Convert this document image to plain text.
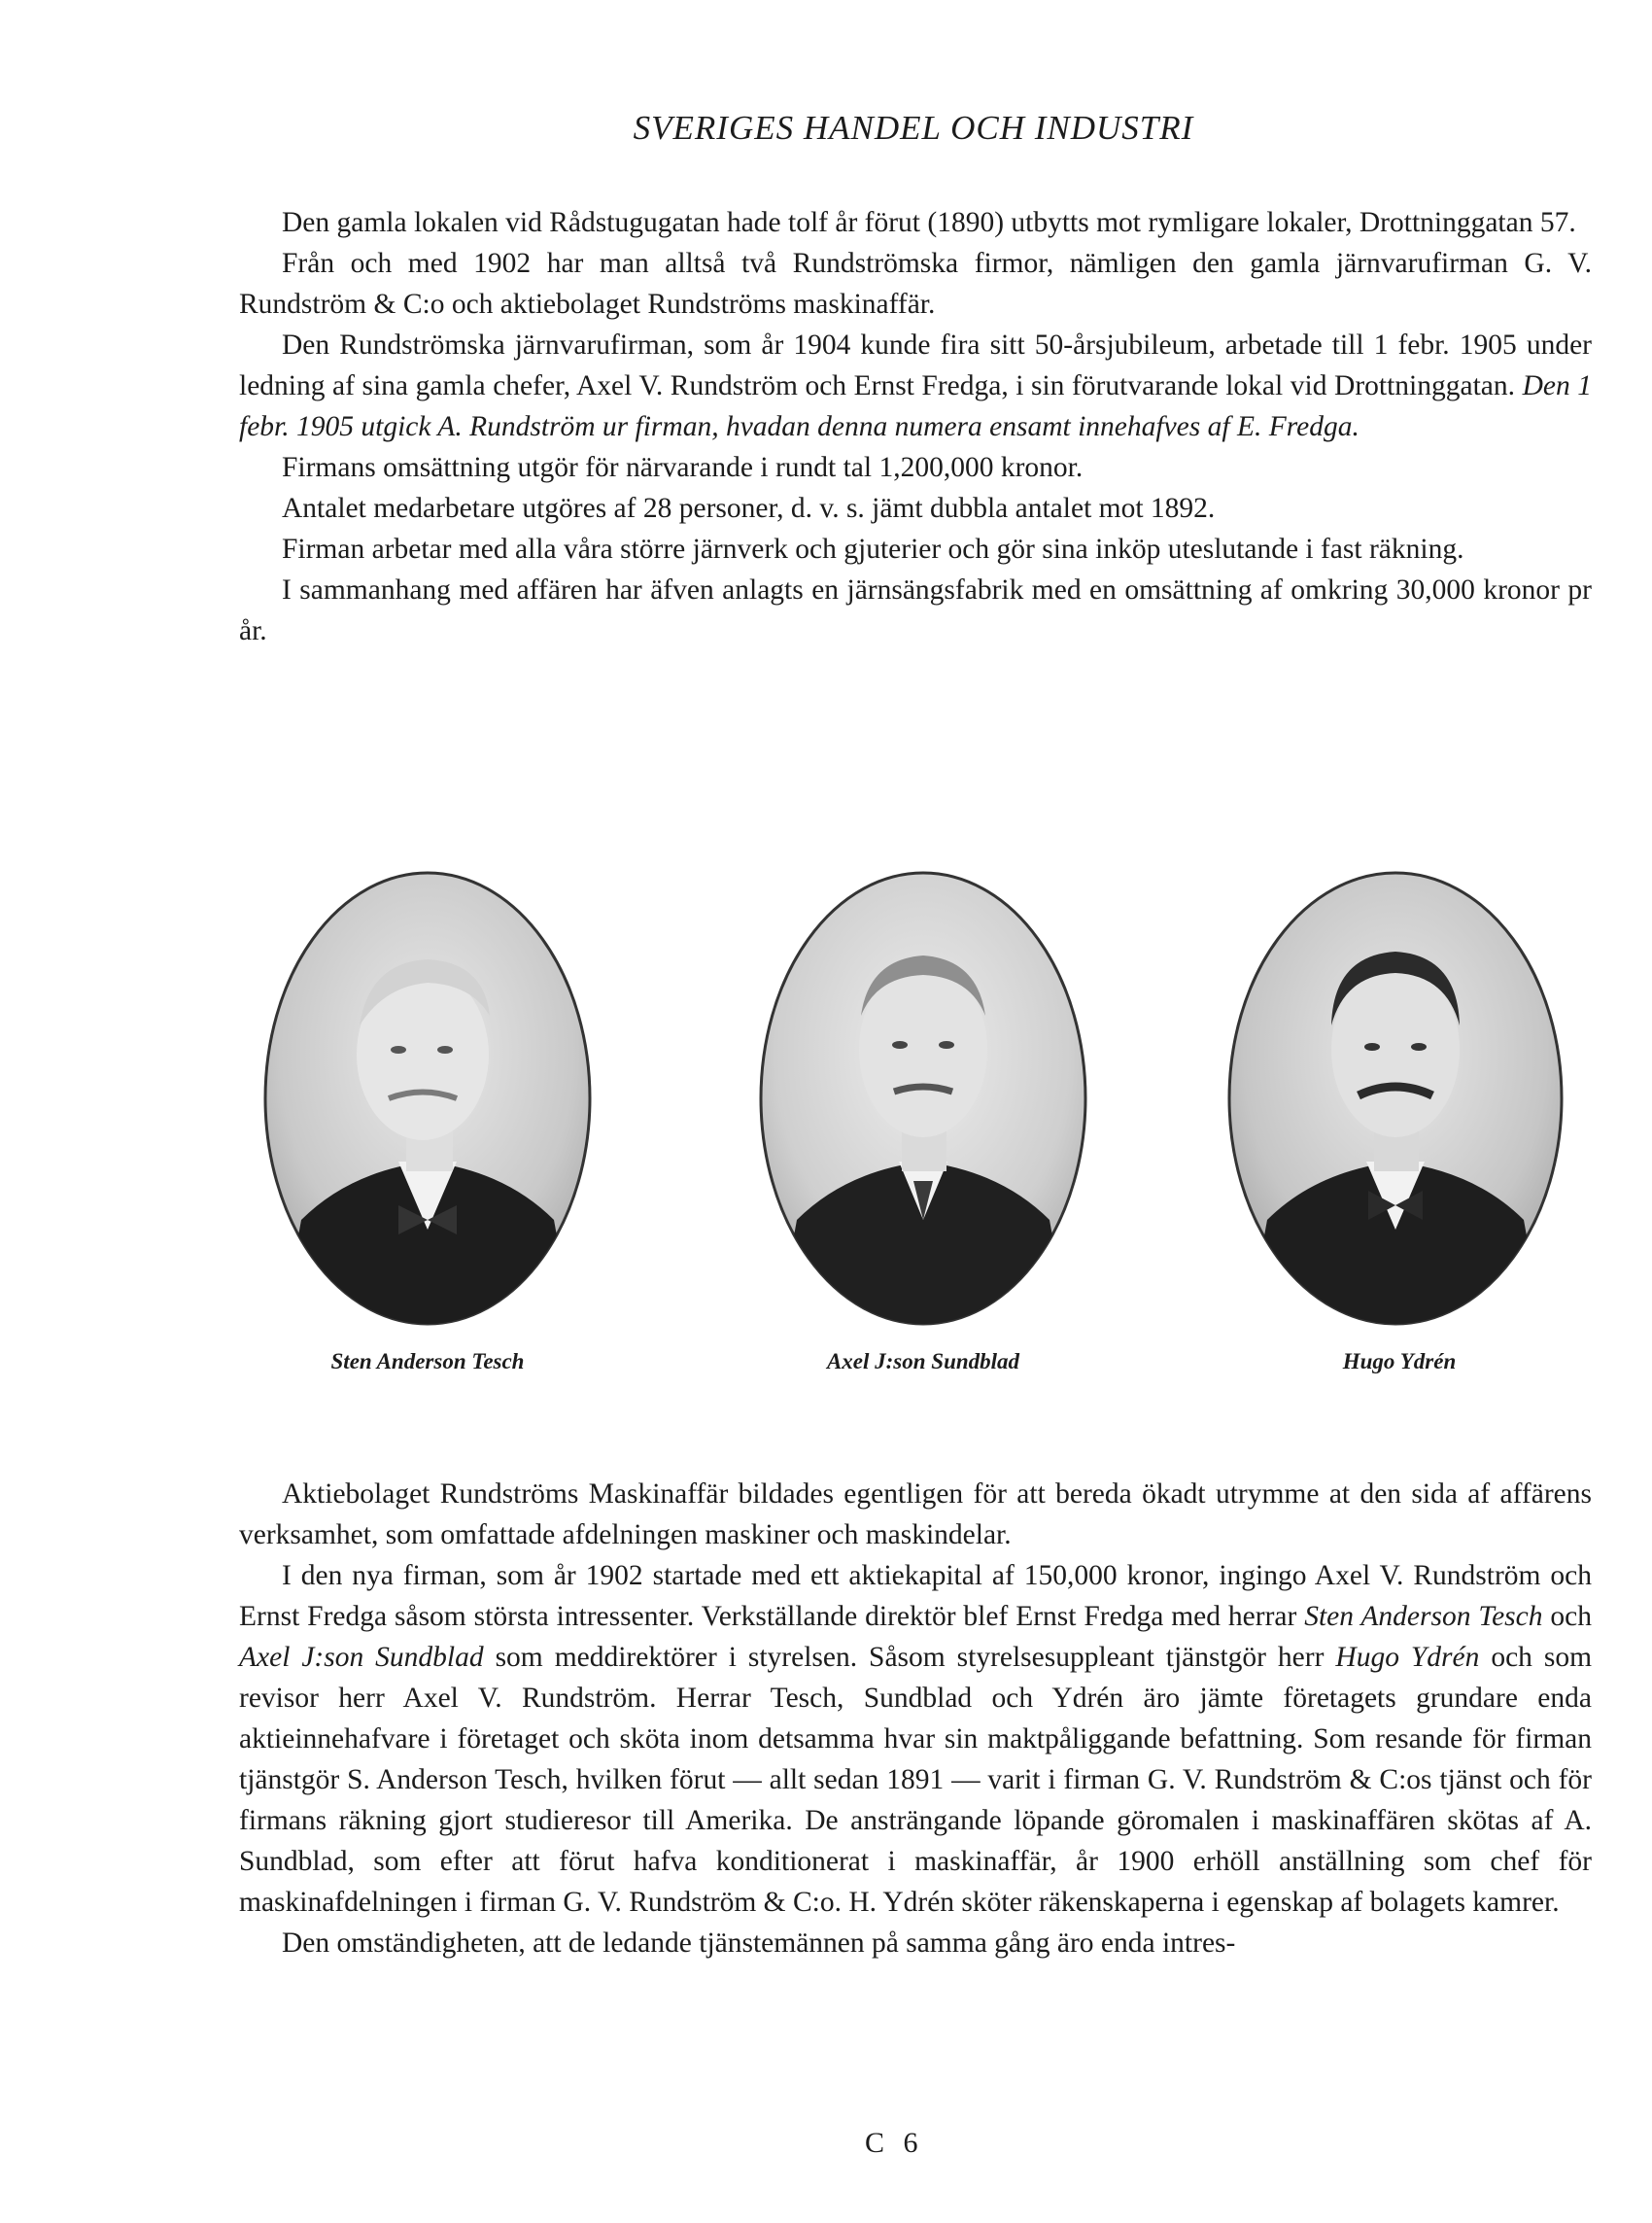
SVERIGES HANDEL OCH INDUSTRI

Den gamla lokalen vid Rådstugugatan hade tolf år förut (1890) utbytts mot rymligare lokaler, Drottninggatan 57.

Från och med 1902 har man alltså två Rundströmska firmor, nämligen den gamla järnvarufirman G. V. Rundström & C:o och aktiebolaget Rundströms maskinaffär.

Den Rundströmska järnvarufirman, som år 1904 kunde fira sitt 50-årsjubileum, arbetade till 1 febr. 1905 under ledning af sina gamla chefer, Axel V. Rundström och Ernst Fredga, i sin förutvarande lokal vid Drottninggatan. Den 1 febr. 1905 utgick A. Rundström ur firman, hvadan denna numera ensamt innehafves af E. Fredga.

Firmans omsättning utgör för närvarande i rundt tal 1,200,000 kronor.

Antalet medarbetare utgöres af 28 personer, d. v. s. jämt dubbla antalet mot 1892.

Firman arbetar med alla våra större järnverk och gjuterier och gör sina inköp uteslutande i fast räkning.

I sammanhang med affären har äfven anlagts en järnsängsfabrik med en omsättning af omkring 30,000 kronor pr år.

Sten Anderson Tesch	Axel J:son Sundblad	Hugo Ydrén

Aktiebolaget Rundströms Maskinaffär bildades egentligen för att bereda ökadt utrymme at den sida af affärens verksamhet, som omfattade afdelningen maskiner och maskindelar.

I den nya firman, som år 1902 startade med ett aktiekapital af 150,000 kronor, ingingo Axel V. Rundström och Ernst Fredga såsom största intressenter. Verkställande direktör blef Ernst Fredga med herrar Sten Anderson Tesch och Axel J:son Sundblad som meddirektörer i styrelsen. Såsom styrelsesuppleant tjänstgör herr Hugo Ydrén och som revisor herr Axel V. Rundström. Herrar Tesch, Sundblad och Ydrén äro jämte företagets grundare enda aktieinnehafvare i företaget och sköta inom detsamma hvar sin maktpåliggande befattning. Som resande för firman tjänstgör S. Anderson Tesch, hvilken förut — allt sedan 1891 — varit i firman G. V. Rundström & C:os tjänst och för firmans räkning gjort studieresor till Amerika. De ansträngande löpande göromalen i maskinaffären skötas af A. Sundblad, som efter att förut hafva konditionerat i maskinaffär, år 1900 erhöll anställning som chef för maskinafdelningen i firman G. V. Rundström & C:o. H. Ydrén sköter räkenskaperna i egenskap af bolagets kamrer.

Den omständigheten, att de ledande tjänstemännen på samma gång äro enda intres-

C 6
